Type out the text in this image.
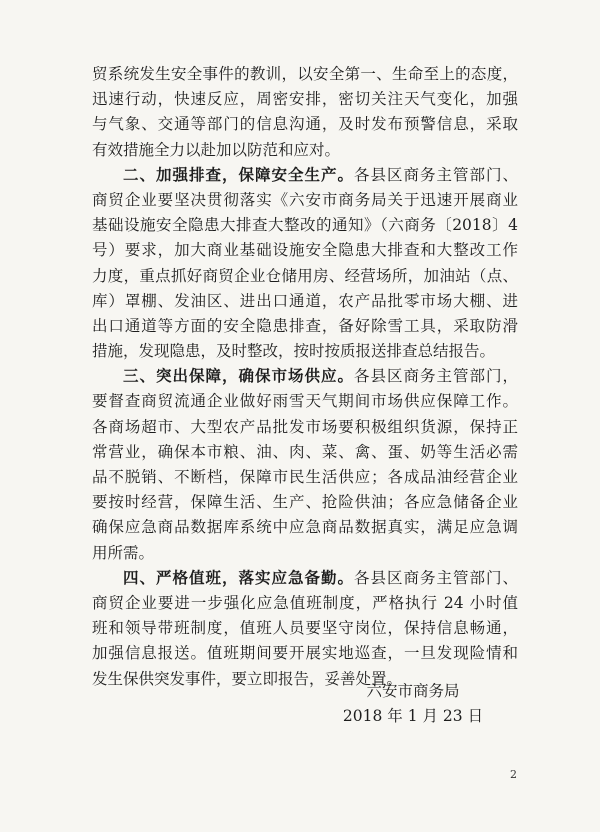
贸系统发生安全事件的教训，以安全第一、生命至上的态度，
迅速行动，快速反应，周密安排，密切关注天气变化，加强
与气象、交通等部门的信息沟通，及时发布预警信息，采取
有效措施全力以赴加以防范和应对。
二、加强排查，保障安全生产。各县区商务主管部门、
商贸企业要坚决贯彻落实《六安市商务局关于迅速开展商业
基础设施安全隐患大排查大整改的通知》（六商务〔2018〕4
号）要求，加大商业基础设施安全隐患大排查和大整改工作
力度，重点抓好商贸企业仓储用房、经营场所，加油站（点、
库）罩棚、发油区、进出口通道，农产品批零市场大棚、进
出口通道等方面的安全隐患排查，备好除雪工具，采取防滑
措施，发现隐患，及时整改，按时按质报送排查总结报告。
三、突出保障，确保市场供应。各县区商务主管部门，
要督查商贸流通企业做好雨雪天气期间市场供应保障工作。
各商场超市、大型农产品批发市场要积极组织货源，保持正
常营业，确保本市粮、油、肉、菜、禽、蛋、奶等生活必需
品不脱销、不断档，保障市民生活供应；各成品油经营企业
要按时经营，保障生活、生产、抢险供油；各应急储备企业
确保应急商品数据库系统中应急商品数据真实，满足应急调
用所需。
四、严格值班，落实应急备勤。各县区商务主管部门、
商贸企业要进一步强化应急值班制度，严格执行 24 小时值
班和领导带班制度，值班人员要坚守岗位，保持信息畅通，
加强信息报送。值班期间要开展实地巡查，一旦发现险情和
发生保供突发事件，要立即报告，妥善处置。
六安市商务局
2018 年 1 月 23 日
2
